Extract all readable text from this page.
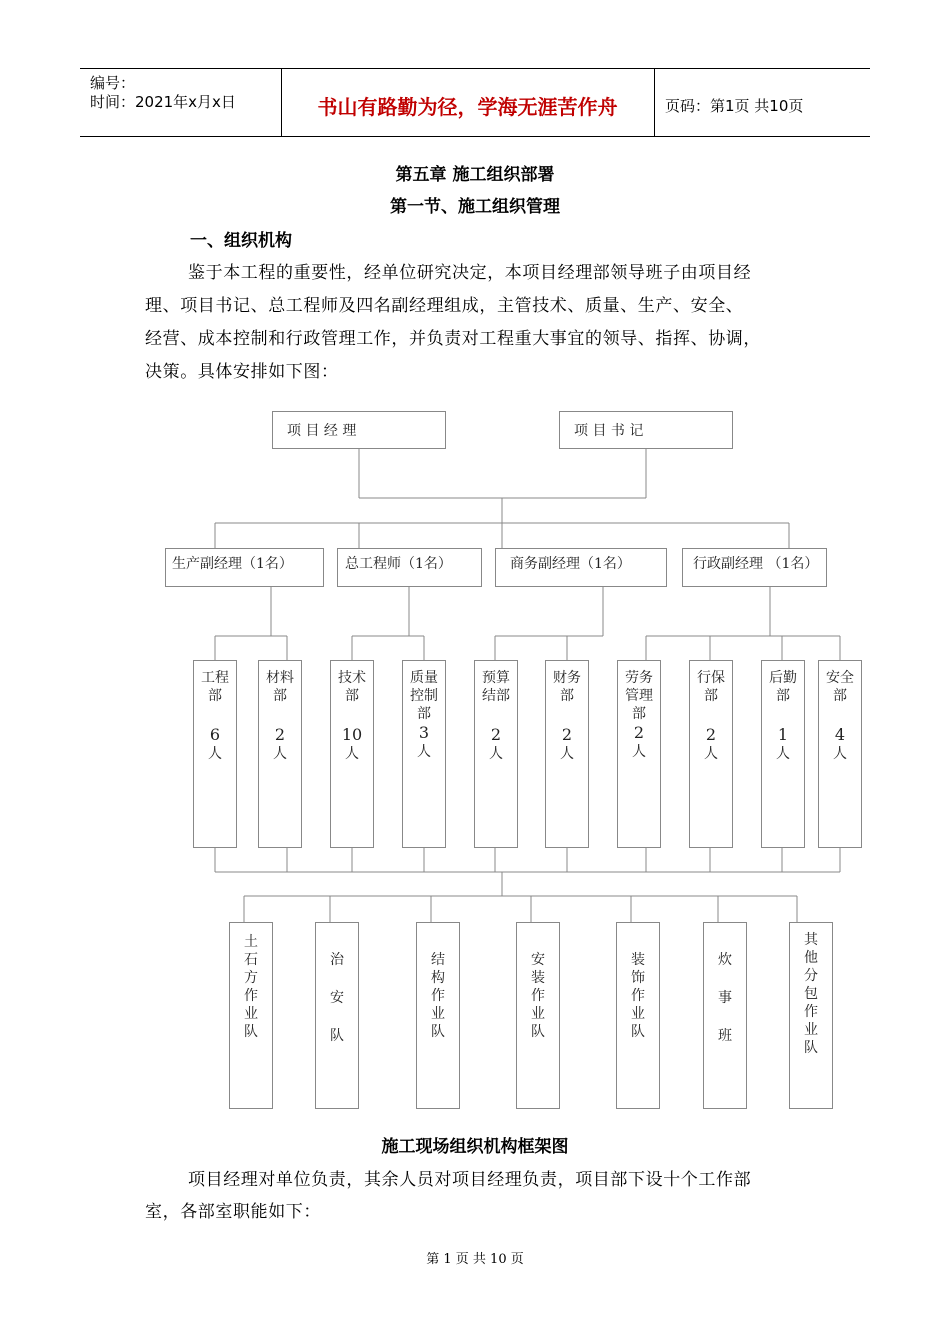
编号：
时间：2021年x月x日	书山有路勤为径，学海无涯苦作舟	页码：第1页 共10页
第五章 施工组织部署
第一节、施工组织管理
一、组织机构
鉴于本工程的重要性，经单位研究决定，本项目经理部领导班子由项目经
理、项目书记、总工程师及四名副经理组成，主管技术、质量、生产、安全、
经营、成本控制和行政管理工作，并负责对工程重大事宜的领导、指挥、协调，
决策。具体安排如下图：
项 目 经 理	项 目 书 记
生产副经理（1名）	总工程师（1名）	商务副经理（1名）	行政副经理 （1名）
工程
部
6
人
材料
部
2
人
技术
部
10
人
质量
控制
部
3
人
预算
结部
2
人
财务
部
2
人
劳务
管理
部
2
人
行保
部
2
人
后勤
部
1
人
安全
部
4
人
土
石
方
作
业
队
治
安
队
结
构
作
业
队
安
装
作
业
队
装
饰
作
业
队
炊
事
班
其
他
分
包
作
业
队
施工现场组织机构框架图
项目经理对单位负责，其余人员对项目经理负责，项目部下设十个工作部
室，各部室职能如下：
第 1 页 共 10 页
